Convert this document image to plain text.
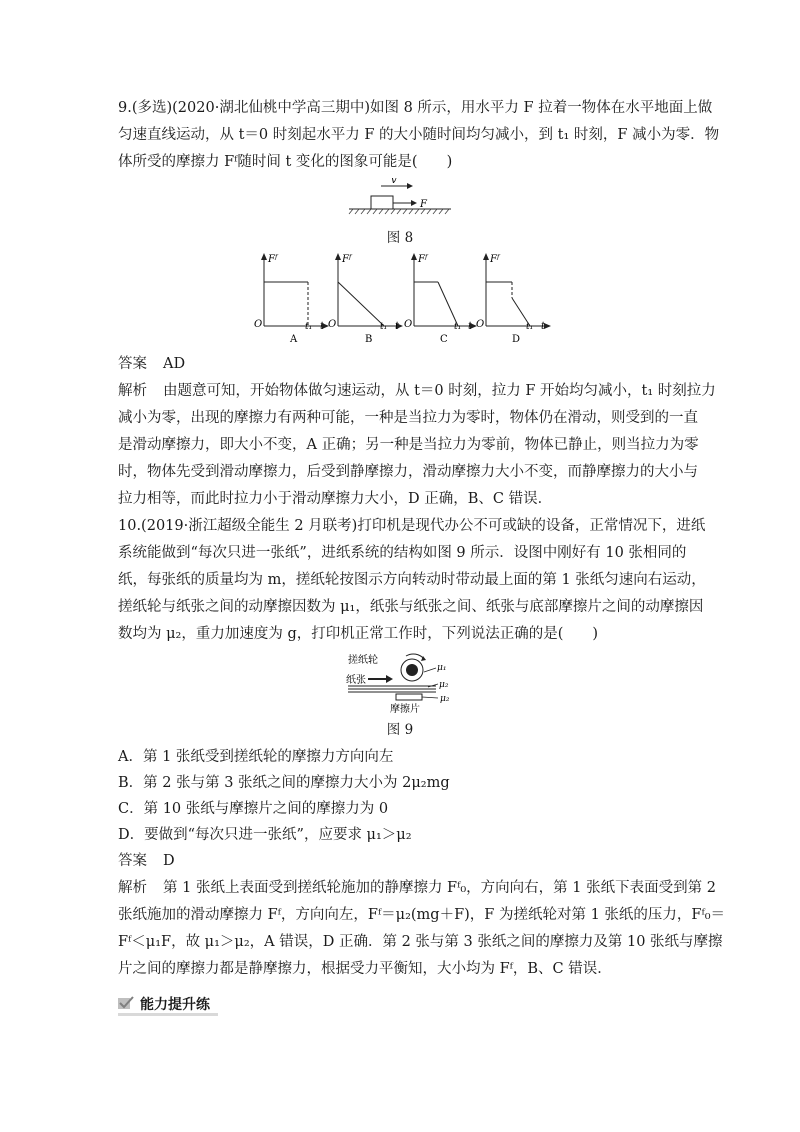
9.(多选)(2020·湖北仙桃中学高三期中)如图 8 所示，用水平力 F 拉着一物体在水平地面上做
匀速直线运动，从 t＝0 时刻起水平力 F 的大小随时间均匀减小，到 t₁ 时刻，F 减小为零．物
体所受的摩擦力 Fᶠ随时间 t 变化的图象可能是(　　)
v
F
图 8
Fᶠ
O	t₁ t
A
Fᶠ
O	t₁ t
B
Fᶠ
O	t₁ t
C
Fᶠ
O	t₁ t
D
答案 AD
解析 由题意可知，开始物体做匀速运动，从 t＝0 时刻，拉力 F 开始均匀减小，t₁ 时刻拉力
减小为零，出现的摩擦力有两种可能，一种是当拉力为零时，物体仍在滑动，则受到的一直
是滑动摩擦力，即大小不变，A 正确；另一种是当拉力为零前，物体已静止，则当拉力为零
时，物体先受到滑动摩擦力，后受到静摩擦力，滑动摩擦力大小不变，而静摩擦力的大小与
拉力相等，而此时拉力小于滑动摩擦力大小，D 正确，B、C 错误．
10.(2019·浙江超级全能生 2 月联考)打印机是现代办公不可或缺的设备，正常情况下，进纸
系统能做到“每次只进一张纸”，进纸系统的结构如图 9 所示．设图中刚好有 10 张相同的
纸，每张纸的质量均为 m，搓纸轮按图示方向转动时带动最上面的第 1 张纸匀速向右运动，
搓纸轮与纸张之间的动摩擦因数为 μ₁，纸张与纸张之间、纸张与底部摩擦片之间的动摩擦因
数均为 μ₂，重力加速度为 g，打印机正常工作时，下列说法正确的是(　　)
搓纸轮
μ₁
纸张	μ₂
μ₂
摩擦片
图 9
A．第 1 张纸受到搓纸轮的摩擦力方向向左
B．第 2 张与第 3 张纸之间的摩擦力大小为 2μ₂mg
C．第 10 张纸与摩擦片之间的摩擦力为 0
D．要做到“每次只进一张纸”，应要求 μ₁＞μ₂
答案 D
解析 第 1 张纸上表面受到搓纸轮施加的静摩擦力 Fᶠ₀，方向向右，第 1 张纸下表面受到第 2
张纸施加的滑动摩擦力 Fᶠ，方向向左，Fᶠ＝μ₂(mg＋F)，F 为搓纸轮对第 1 张纸的压力，Fᶠ₀＝
Fᶠ＜μ₁F，故 μ₁＞μ₂，A 错误，D 正确．第 2 张与第 3 张纸之间的摩擦力及第 10 张纸与摩擦
片之间的摩擦力都是静摩擦力，根据受力平衡知，大小均为 Fᶠ，B、C 错误．
能力提升练
